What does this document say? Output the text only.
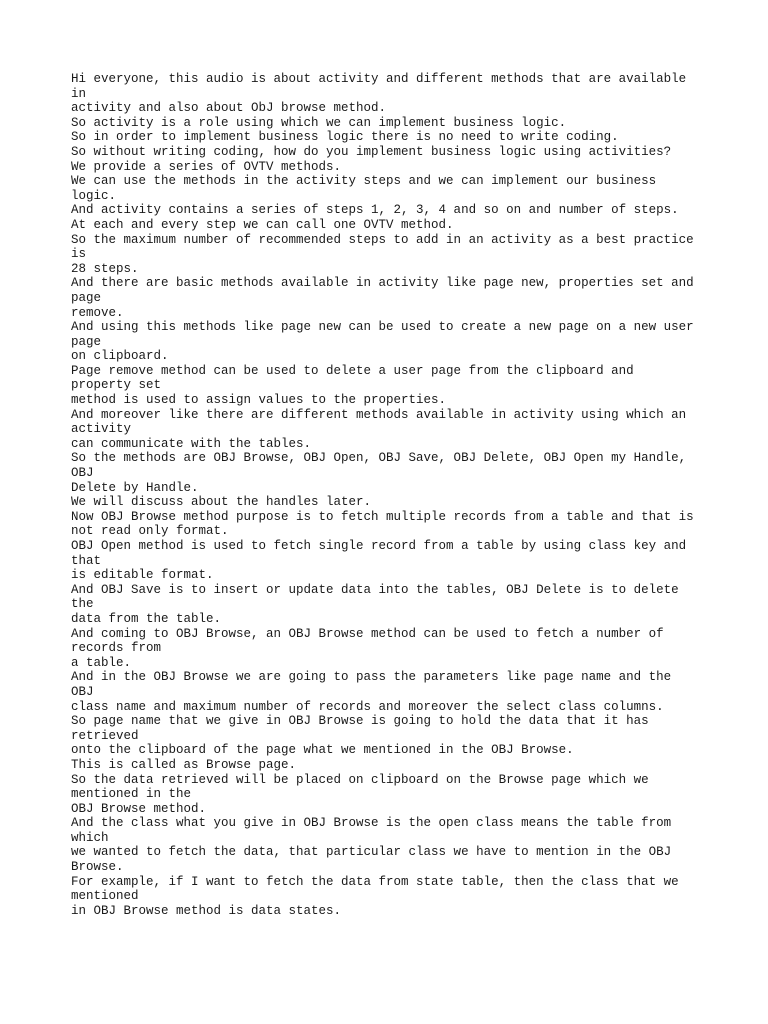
Hi everyone, this audio is about activity and different methods that are available
in
activity and also about ObJ browse method.
So activity is a role using which we can implement business logic.
So in order to implement business logic there is no need to write coding.
So without writing coding, how do you implement business logic using activities?
We provide a series of OVTV methods.
We can use the methods in the activity steps and we can implement our business
logic.
And activity contains a series of steps 1, 2, 3, 4 and so on and number of steps.
At each and every step we can call one OVTV method.
So the maximum number of recommended steps to add in an activity as a best practice
is
28 steps.
And there are basic methods available in activity like page new, properties set and
page
remove.
And using this methods like page new can be used to create a new page on a new user
page
on clipboard.
Page remove method can be used to delete a user page from the clipboard and
property set
method is used to assign values to the properties.
And moreover like there are different methods available in activity using which an
activity
can communicate with the tables.
So the methods are OBJ Browse, OBJ Open, OBJ Save, OBJ Delete, OBJ Open my Handle,
OBJ
Delete by Handle.
We will discuss about the handles later.
Now OBJ Browse method purpose is to fetch multiple records from a table and that is
not read only format.
OBJ Open method is used to fetch single record from a table by using class key and
that
is editable format.
And OBJ Save is to insert or update data into the tables, OBJ Delete is to delete
the
data from the table.
And coming to OBJ Browse, an OBJ Browse method can be used to fetch a number of
records from
a table.
And in the OBJ Browse we are going to pass the parameters like page name and the
OBJ
class name and maximum number of records and moreover the select class columns.
So page name that we give in OBJ Browse is going to hold the data that it has
retrieved
onto the clipboard of the page what we mentioned in the OBJ Browse.
This is called as Browse page.
So the data retrieved will be placed on clipboard on the Browse page which we
mentioned in the
OBJ Browse method.
And the class what you give in OBJ Browse is the open class means the table from
which
we wanted to fetch the data, that particular class we have to mention in the OBJ
Browse.
For example, if I want to fetch the data from state table, then the class that we
mentioned
in OBJ Browse method is data states.
